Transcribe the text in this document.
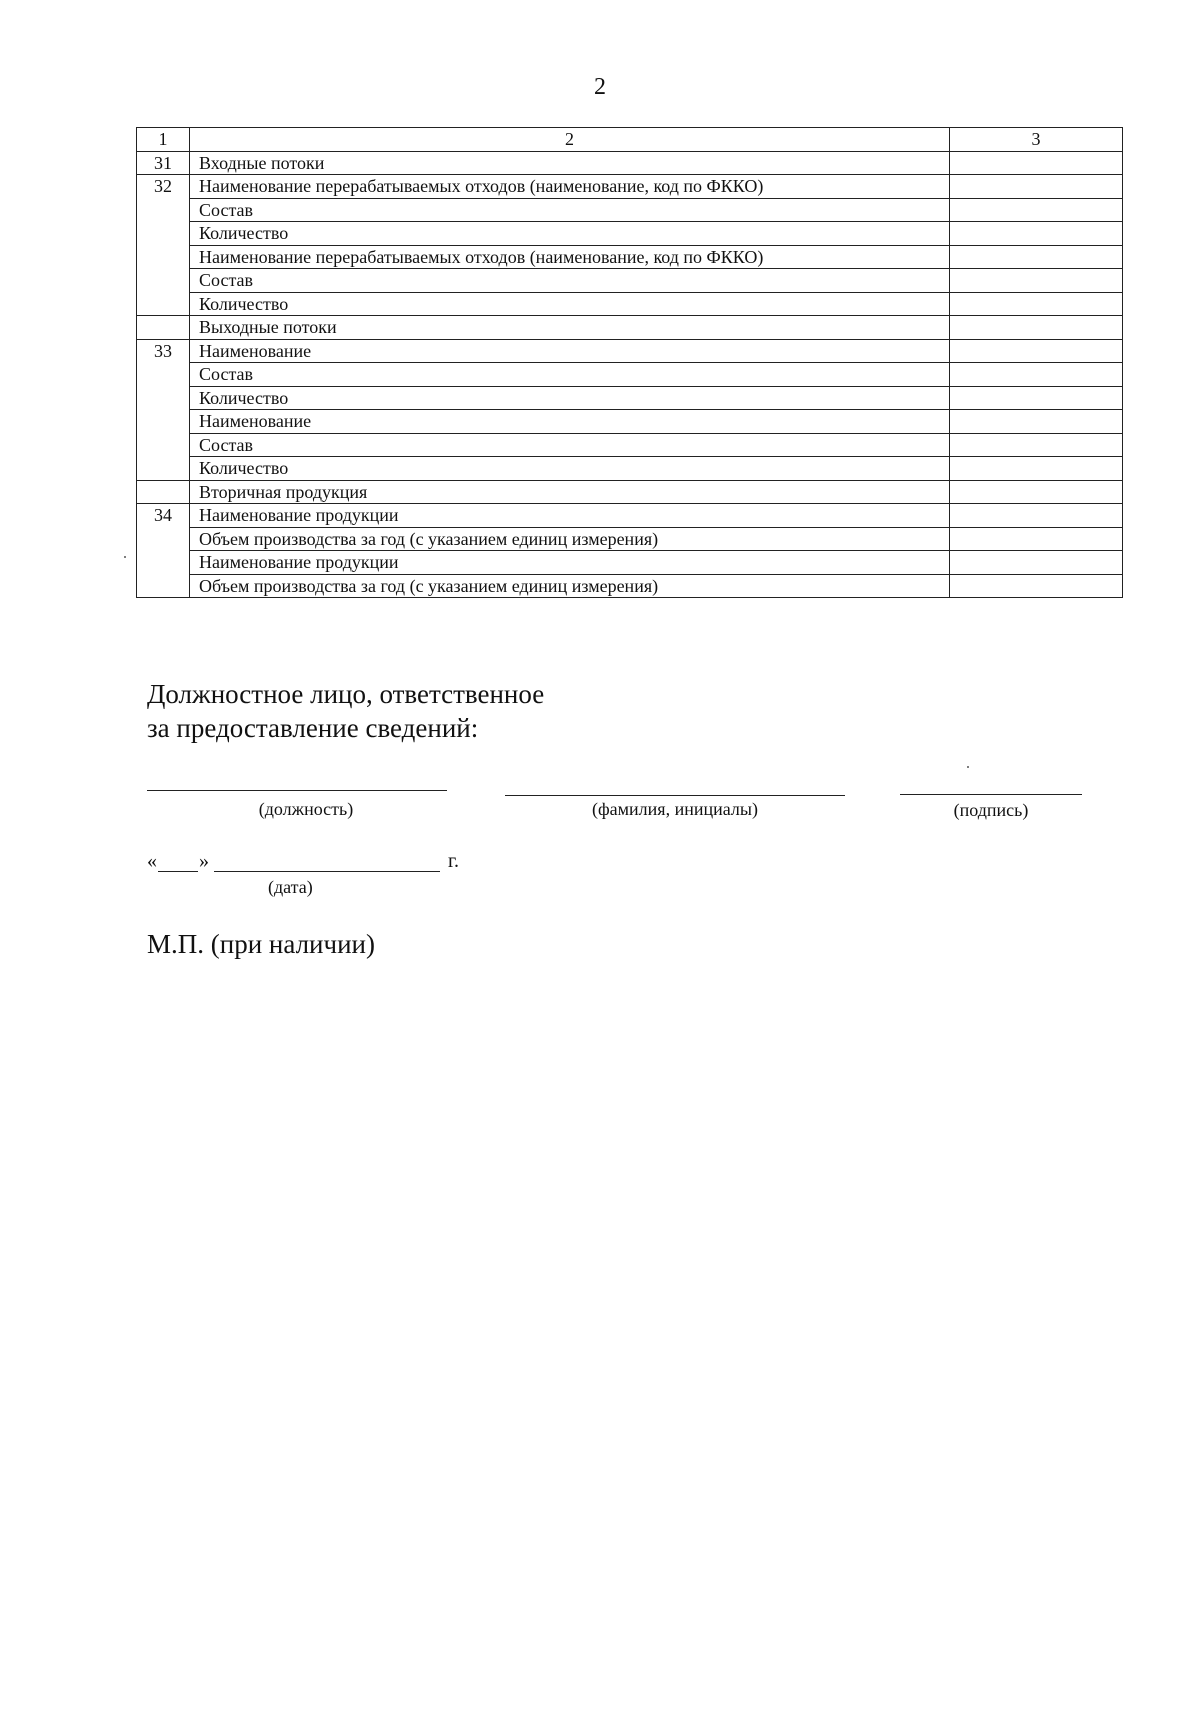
2
1	2	3
31	Входные потоки	
32	Наименование перерабатываемых отходов (наименование, код по ФККО)	
	Состав	
	Количество	
	Наименование перерабатываемых отходов (наименование, код по ФККО)	
	Состав	
	Количество	
	Выходные потоки	
33	Наименование	
	Состав	
	Количество	
	Наименование	
	Состав	
	Количество	
	Вторичная продукция	
34	Наименование продукции	
	Объем производства за год (с указанием единиц измерения)	
	Наименование продукции	
	Объем производства за год (с указанием единиц измерения)	
Должностное лицо, ответственное
за предоставление сведений:
(должность)	(фамилия, инициалы)	(подпись)
« »	г.
(дата)
М.П. (при наличии)
